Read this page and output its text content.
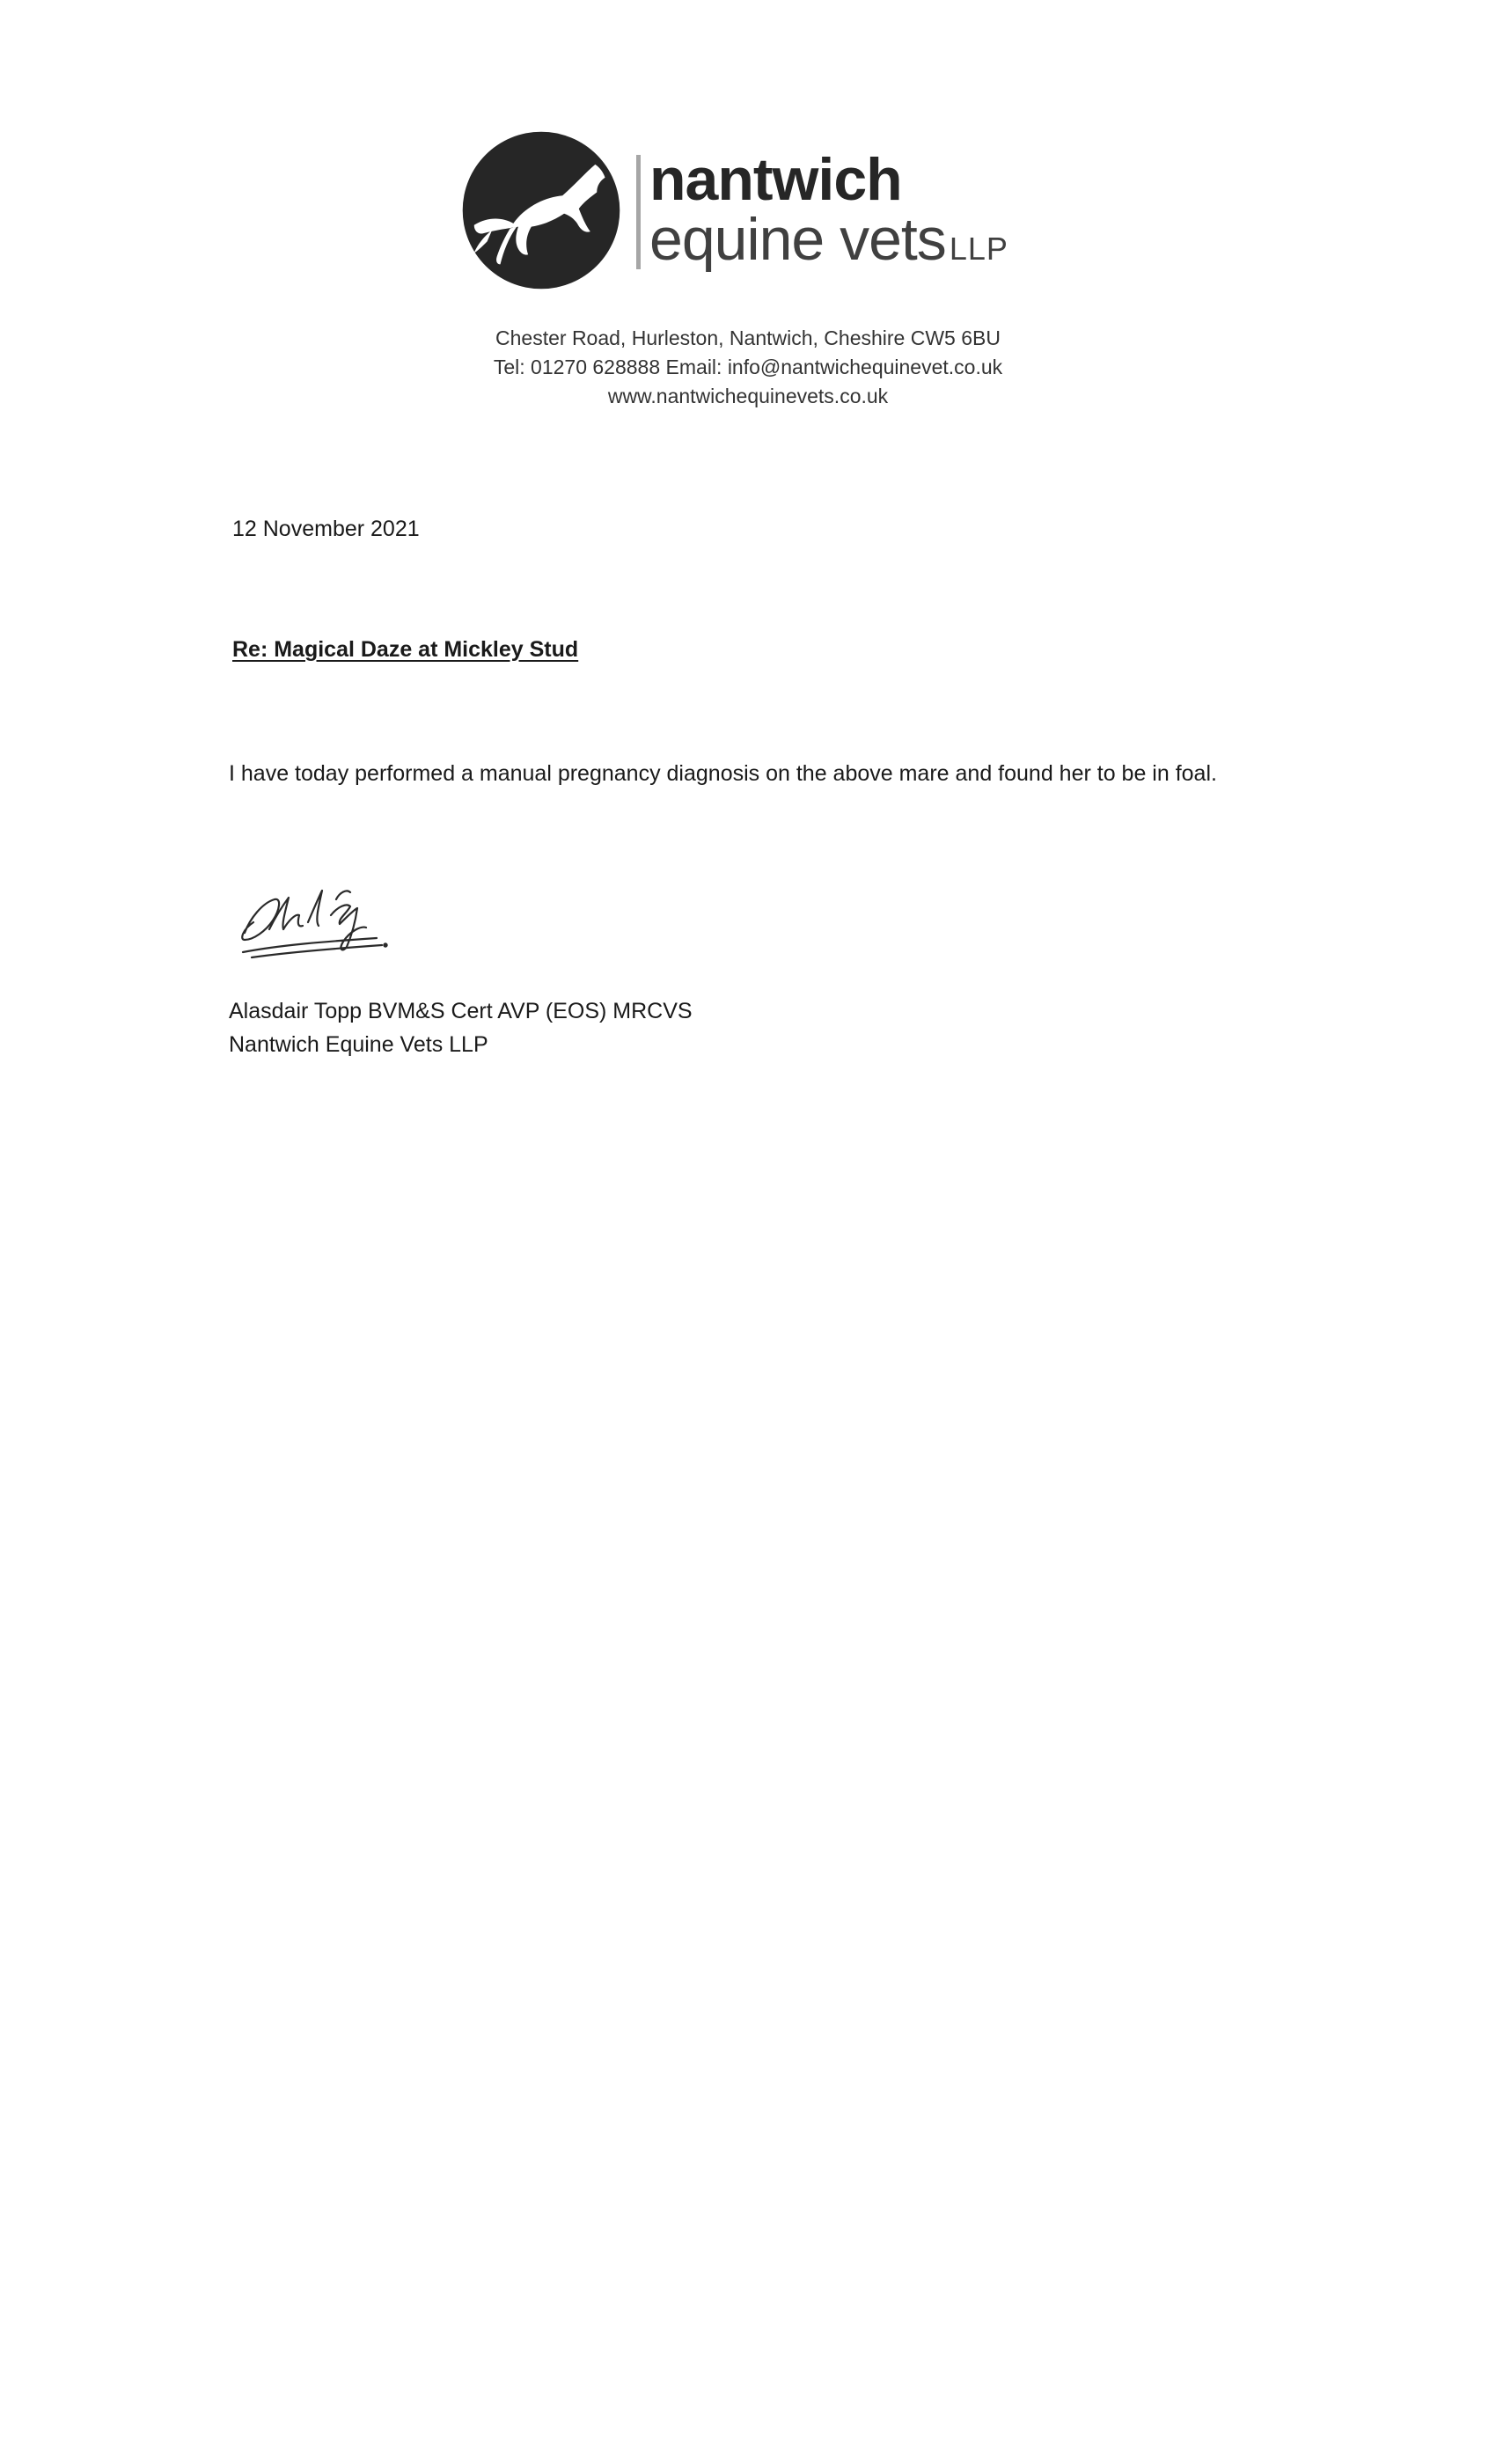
nantwich
equine vets LLP
Chester Road, Hurleston, Nantwich, Cheshire CW5 6BU
Tel: 01270 628888 Email: info@nantwichequinevet.co.uk
www.nantwichequinevets.co.uk
12 November 2021
Re: Magical Daze at Mickley Stud
I have today performed a manual pregnancy diagnosis on the above mare and found her to be in foal.
Alasdair Topp BVM&S Cert AVP (EOS) MRCVS
Nantwich Equine Vets LLP
